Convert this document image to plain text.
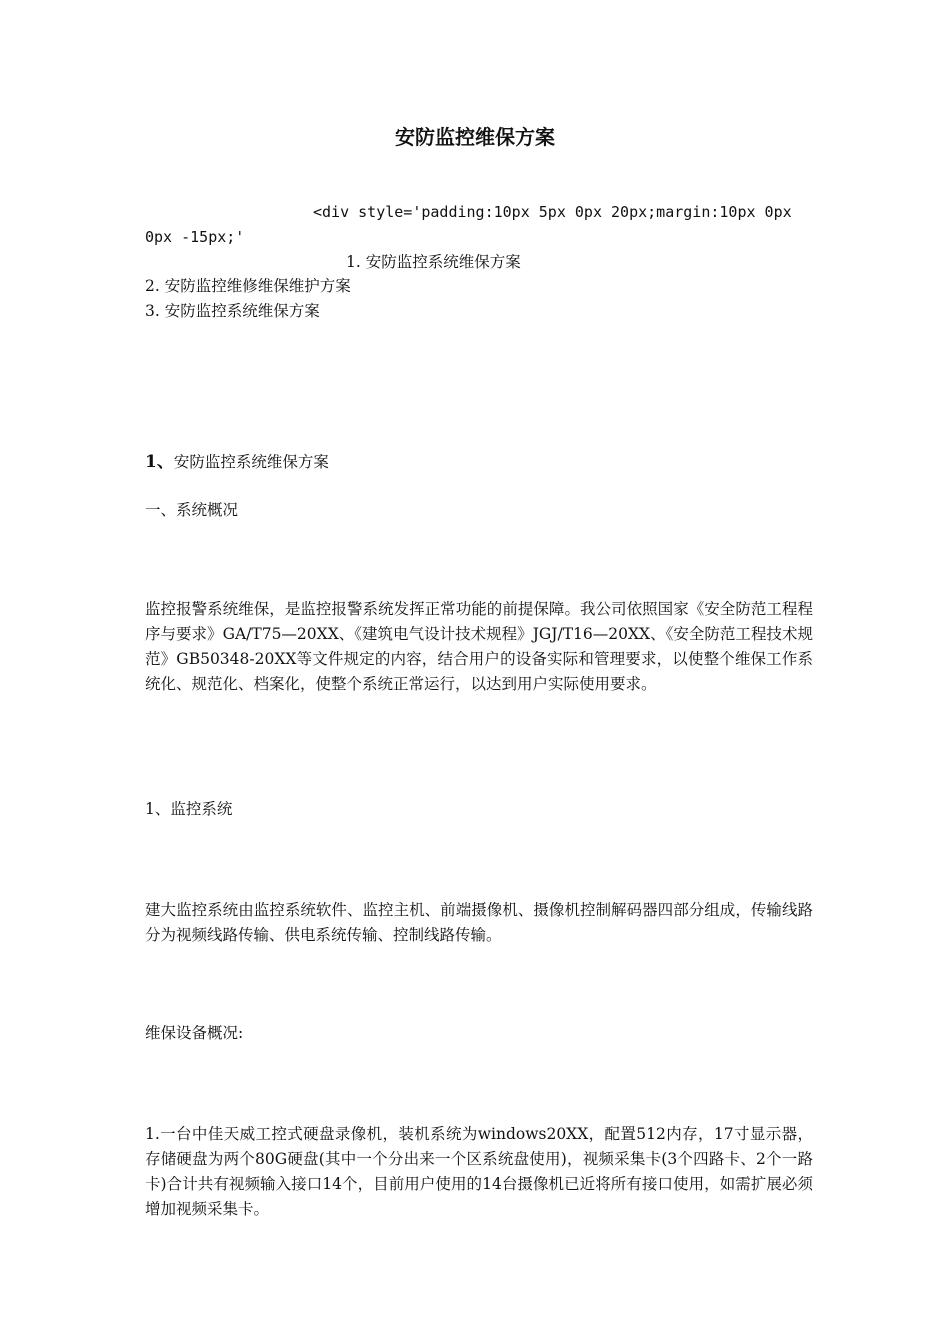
安防监控维保方案
<div style='padding:10px 5px 0px 20px;margin:10px 0px
0px -15px;'
1. 安防监控系统维保方案
2. 安防监控维修维保维护方案
3. 安防监控系统维保方案
1、安防监控系统维保方案
一、系统概况
监控报警系统维保，是监控报警系统发挥正常功能的前提保障。我公司依照国家《安全防范工程程序与要求》GA/T75—20XX、《建筑电气设计技术规程》JGJ/T16—20XX、《安全防范工程技术规范》GB50348-20XX等文件规定的内容，结合用户的设备实际和管理要求，以使整个维保工作系统化、规范化、档案化，使整个系统正常运行，以达到用户实际使用要求。
1、监控系统
建大监控系统由监控系统软件、监控主机、前端摄像机、摄像机控制解码器四部分组成，传输线路分为视频线路传输、供电系统传输、控制线路传输。
维保设备概况:
1.一台中佳天威工控式硬盘录像机，装机系统为windows20XX，配置512内存，17寸显示器，存储硬盘为两个80G硬盘(其中一个分出来一个区系统盘使用)，视频采集卡(3个四路卡、2个一路卡)合计共有视频输入接口14个，目前用户使用的14台摄像机已近将所有接口使用，如需扩展必须增加视频采集卡。
